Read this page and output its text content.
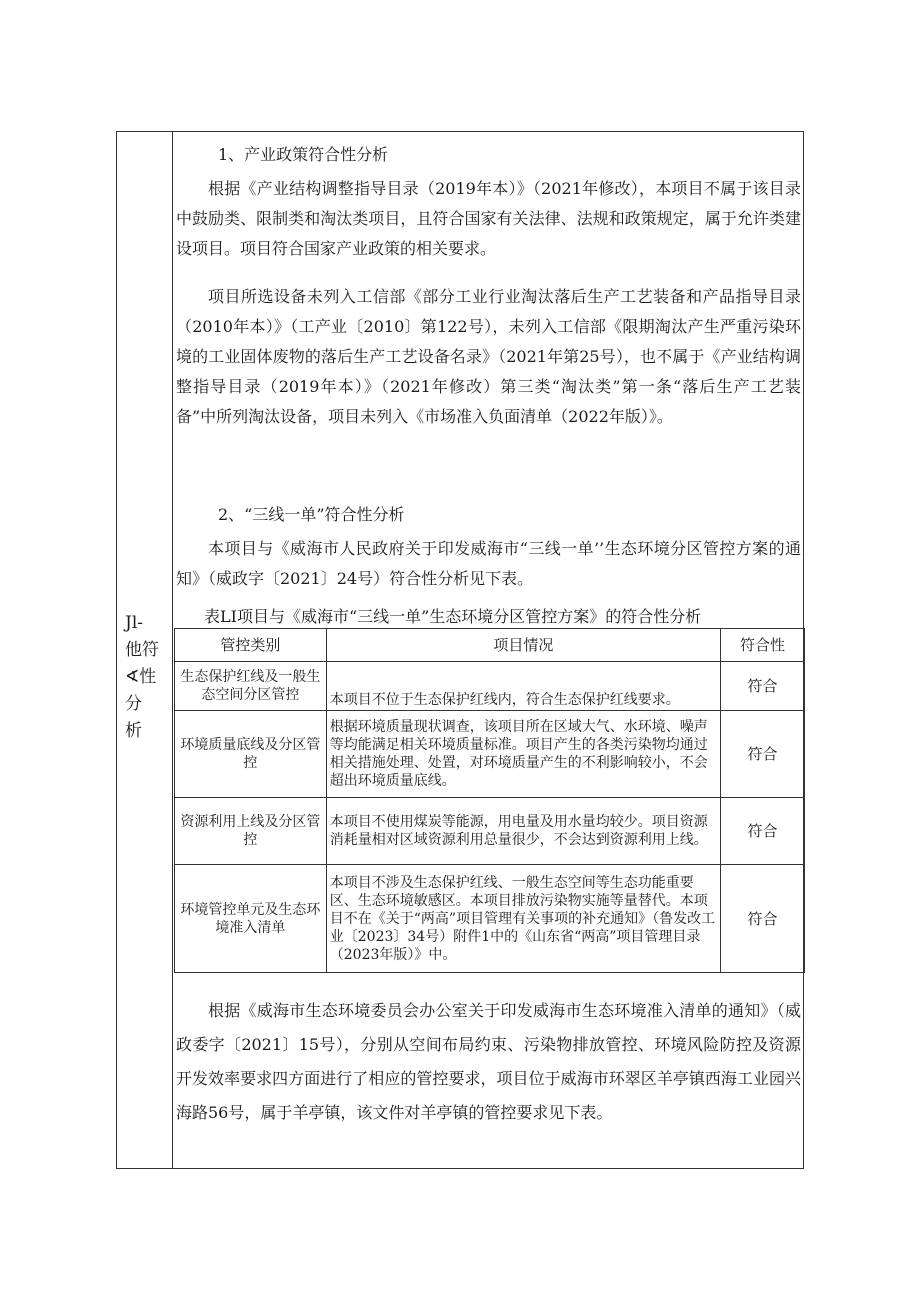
Jl-
他符
∢性分
析
1、产业政策符合性分析
根据《产业结构调整指导目录（2019年本）》（2021年修改），本项目不属于该目录中鼓励类、限制类和淘汰类项目，且符合国家有关法律、法规和政策规定，属于允许类建设项目。项目符合国家产业政策的相关要求。
项目所选设备未列入工信部《部分工业行业淘汰落后生产工艺装备和产品指导目录（2010年本）》（工产业〔2010〕第122号），未列入工信部《限期淘汰产生严重污染环境的工业固体废物的落后生产工艺设备名录》（2021年第25号），也不属于《产业结构调整指导目录（2019年本）》（2021年修改）第三类“淘汰类”第一条“落后生产工艺装备”中所列淘汰设备，项目未列入《市场准入负面清单（2022年版）》。
2、“三线一单”符合性分析
本项目与《威海市人民政府关于印发威海市“三线一单’’生态环境分区管控方案的通知》（威政字〔2021〕24号）符合性分析见下表。
表LI项目与《威海市“三线一单”生态环境分区管控方案》的符合性分析
管控类别	项目情况	符合性
生态保护红线及一般生态空间分区管控	本项目不位于生态保护红线内，符合生态保护红线要求。	符合
环境质量底线及分区管控	根据环境质量现状调查，该项目所在区域大气、水环境、噪声等均能满足相关环境质量标准。项目产生的各类污染物均通过相关措施处理、处置，对环境质量产生的不利影响较小，不会超出环境质量底线。	符合
资源利用上线及分区管控	本项目不使用煤炭等能源，用电量及用水量均较少。项目资源消耗量相对区域资源利用总量很少，不会达到资源利用上线。	符合
环境管控单元及生态环境准入清单	本项目不涉及生态保护红线、一般生态空间等生态功能重要区、生态环境敏感区。本项目排放污染物实施等量替代。本项目不在《关于“两高”项目管理有关事项的补充通知》（鲁发改工业〔2023〕34号）附件1中的《山东省“两高”项目管理目录（2023年版）》中。	符合
根据《威海市生态环境委员会办公室关于印发威海市生态环境准入清单的通知》（威政委字〔2021〕15号），分别从空间布局约束、污染物排放管控、环境风险防控及资源开发效率要求四方面进行了相应的管控要求，项目位于威海市环翠区羊亭镇西海工业园兴海路56号，属于羊亭镇，该文件对羊亭镇的管控要求见下表。
